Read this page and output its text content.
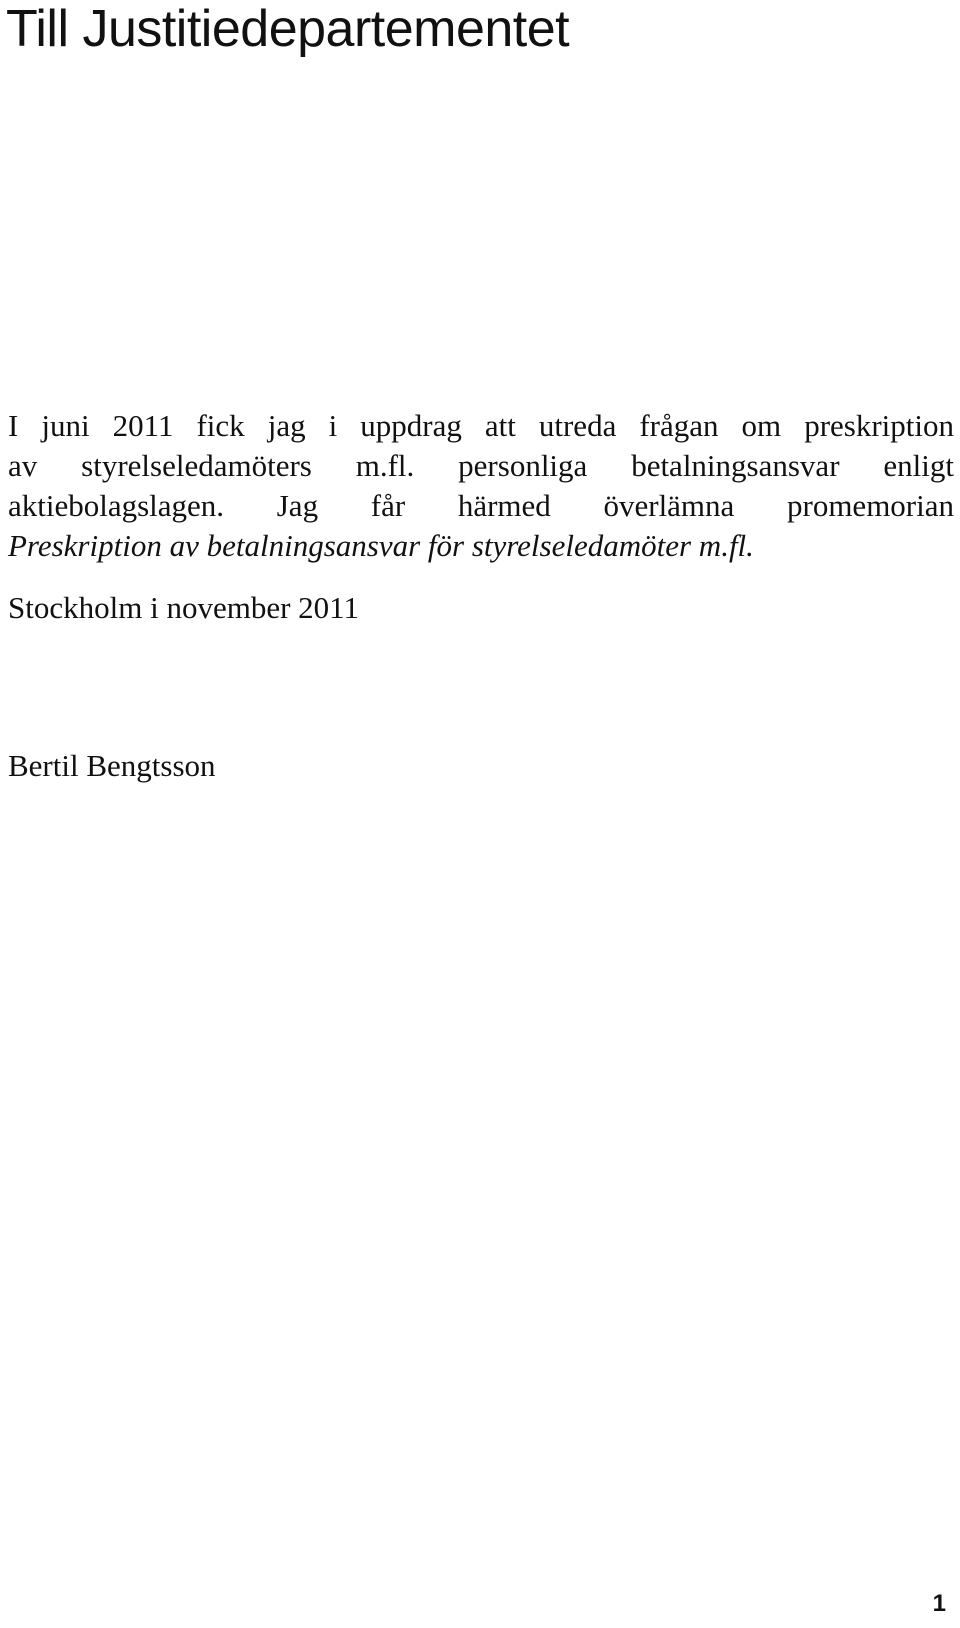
Till Justitiedepartementet
I juni 2011 fick jag i uppdrag att utreda frågan om preskription
av styrelseledamöters m.fl. personliga betalningsansvar enligt
aktiebolagslagen. Jag får härmed överlämna promemorian
Preskription av betalningsansvar för styrelseledamöter m.fl.

Stockholm i november 2011

Bertil Bengtsson

1
